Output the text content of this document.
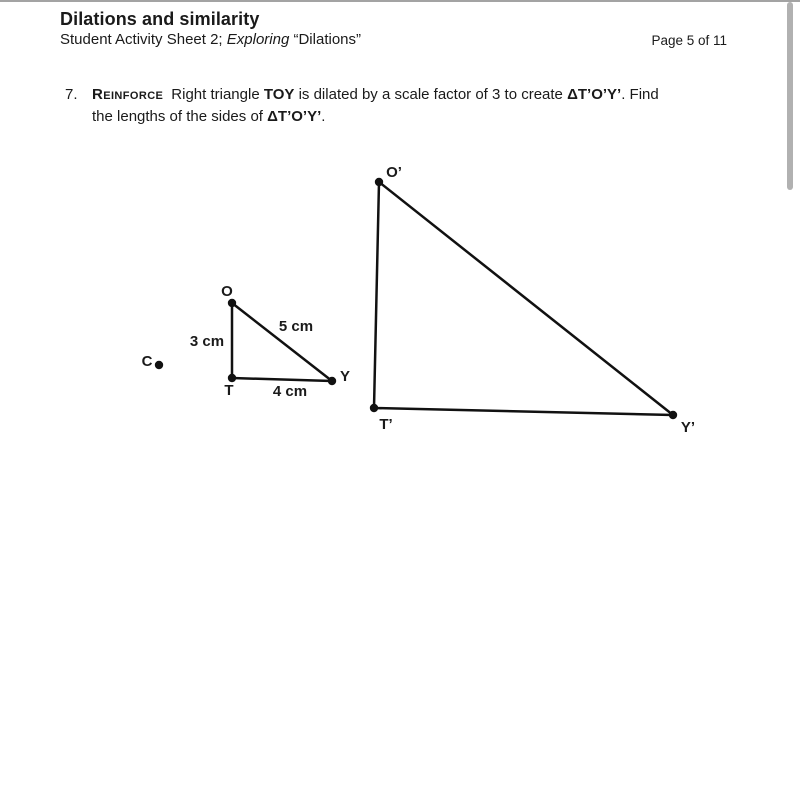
Dilations and similarity
Student Activity Sheet 2; Exploring “Dilations”	Page 5 of 11
7. Reinforce Right triangle TOY is dilated by a scale factor of 3 to create ΔT’O’Y’. Find
the lengths of the sides of ΔT’O’Y’.
O
T
Y
3 cm
5 cm
4 cm
O’
T’	Y’
C
